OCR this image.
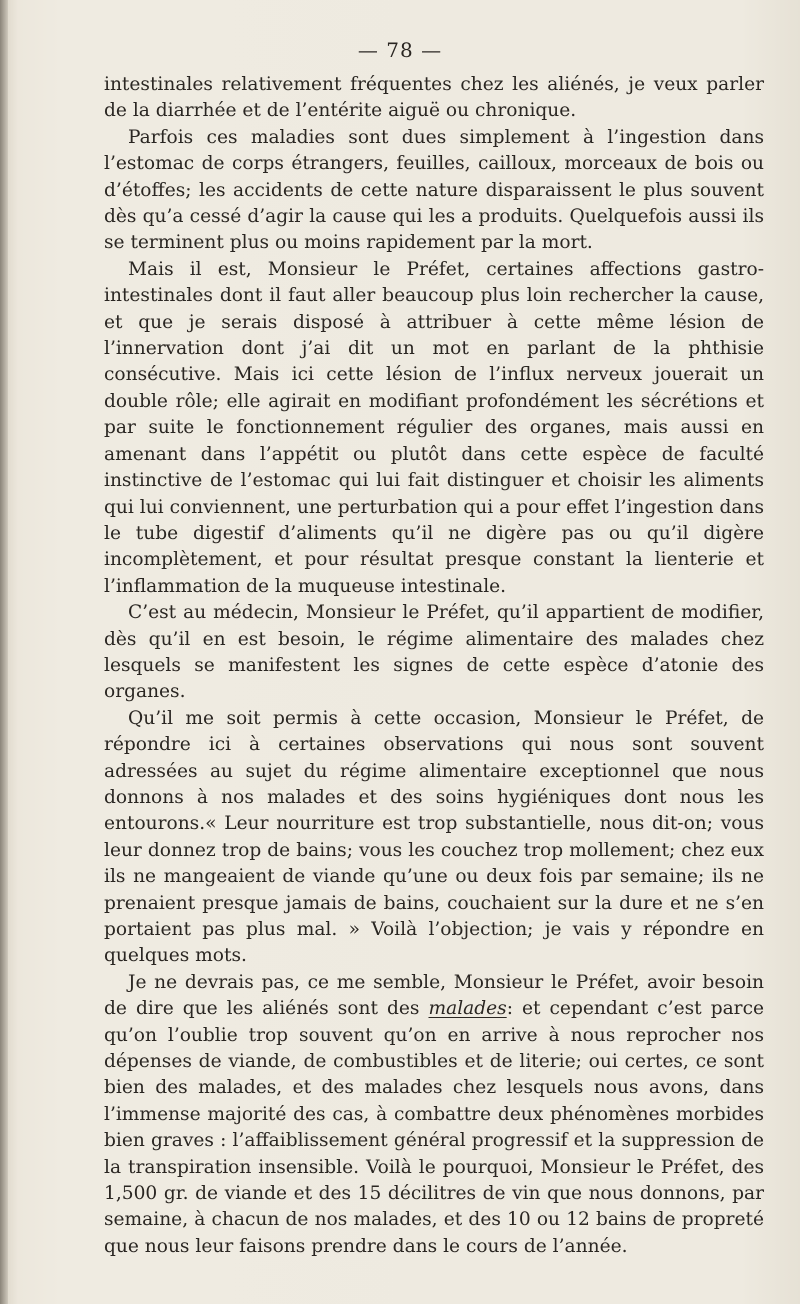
— 78 —

intestinales relativement fréquentes chez les aliénés, je veux parler de la diarrhée et de l’entérite aiguë ou chronique.

Parfois ces maladies sont dues simplement à l’ingestion dans l’estomac de corps étrangers, feuilles, cailloux, morceaux de bois ou d’étoffes; les accidents de cette nature disparaissent le plus souvent dès qu’a cessé d’agir la cause qui les a produits. Quelquefois aussi ils se terminent plus ou moins rapidement par la mort.

Mais il est, Monsieur le Préfet, certaines affections gastro-intestinales dont il faut aller beaucoup plus loin rechercher la cause, et que je serais disposé à attribuer à cette même lésion de l’innervation dont j’ai dit un mot en parlant de la phthisie consécutive. Mais ici cette lésion de l’influx nerveux jouerait un double rôle; elle agirait en modifiant profondément les sécrétions et par suite le fonctionnement régulier des organes, mais aussi en amenant dans l’appétit ou plutôt dans cette espèce de faculté instinctive de l’estomac qui lui fait distinguer et choisir les aliments qui lui conviennent, une perturbation qui a pour effet l’ingestion dans le tube digestif d’aliments qu’il ne digère pas ou qu’il digère incomplètement, et pour résultat presque constant la lienterie et l’inflammation de la muqueuse intestinale.

C’est au médecin, Monsieur le Préfet, qu’il appartient de modifier, dès qu’il en est besoin, le régime alimentaire des malades chez lesquels se manifestent les signes de cette espèce d’atonie des organes.

Qu’il me soit permis à cette occasion, Monsieur le Préfet, de répondre ici à certaines observations qui nous sont souvent adressées au sujet du régime alimentaire exceptionnel que nous donnons à nos malades et des soins hygiéniques dont nous les entourons.« Leur nourriture est trop substantielle, nous dit-on; vous leur donnez trop de bains; vous les couchez trop mollement; chez eux ils ne mangeaient de viande qu’une ou deux fois par semaine; ils ne prenaient presque jamais de bains, couchaient sur la dure et ne s’en portaient pas plus mal. » Voilà l’objection; je vais y répondre en quelques mots.

Je ne devrais pas, ce me semble, Monsieur le Préfet, avoir besoin de dire que les aliénés sont des malades: et cependant c’est parce qu’on l’oublie trop souvent qu’on en arrive à nous reprocher nos dépenses de viande, de combustibles et de literie; oui certes, ce sont bien des malades, et des malades chez lesquels nous avons, dans l’immense majorité des cas, à combattre deux phénomènes morbides bien graves : l’affaiblissement général progressif et la suppression de la transpiration insensible. Voilà le pourquoi, Monsieur le Préfet, des 1,500 gr. de viande et des 15 décilitres de vin que nous donnons, par semaine, à chacun de nos malades, et des 10 ou 12 bains de propreté que nous leur faisons prendre dans le cours de l’année.
